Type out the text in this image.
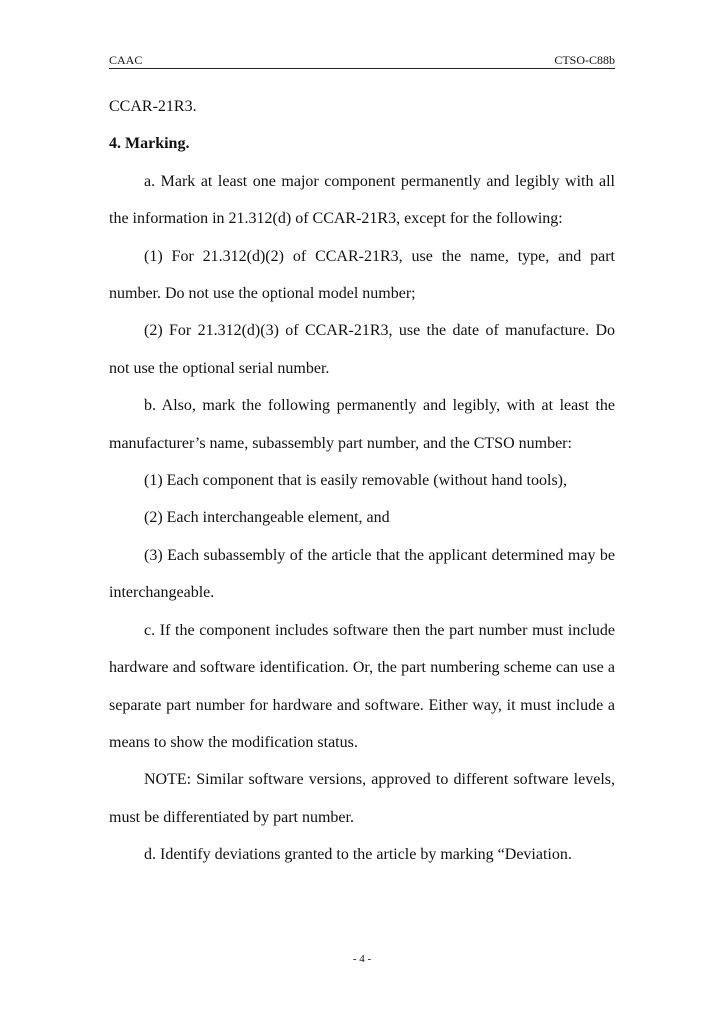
CAAC	CTSO-C88b

CCAR-21R3.

4. Marking.

a. Mark at least one major component permanently and legibly with all the information in 21.312(d) of CCAR-21R3, except for the following:

(1) For 21.312(d)(2) of CCAR-21R3, use the name, type, and part number. Do not use the optional model number;

(2) For 21.312(d)(3) of CCAR-21R3, use the date of manufacture. Do not use the optional serial number.

b. Also, mark the following permanently and legibly, with at least the manufacturer’s name, subassembly part number, and the CTSO number:

(1) Each component that is easily removable (without hand tools),

(2) Each interchangeable element, and

(3) Each subassembly of the article that the applicant determined may be interchangeable.

c. If the component includes software then the part number must include hardware and software identification. Or, the part numbering scheme can use a separate part number for hardware and software. Either way, it must include a means to show the modification status.

NOTE: Similar software versions, approved to different software levels, must be differentiated by part number.

d. Identify deviations granted to the article by marking “Deviation.

- 4 -
